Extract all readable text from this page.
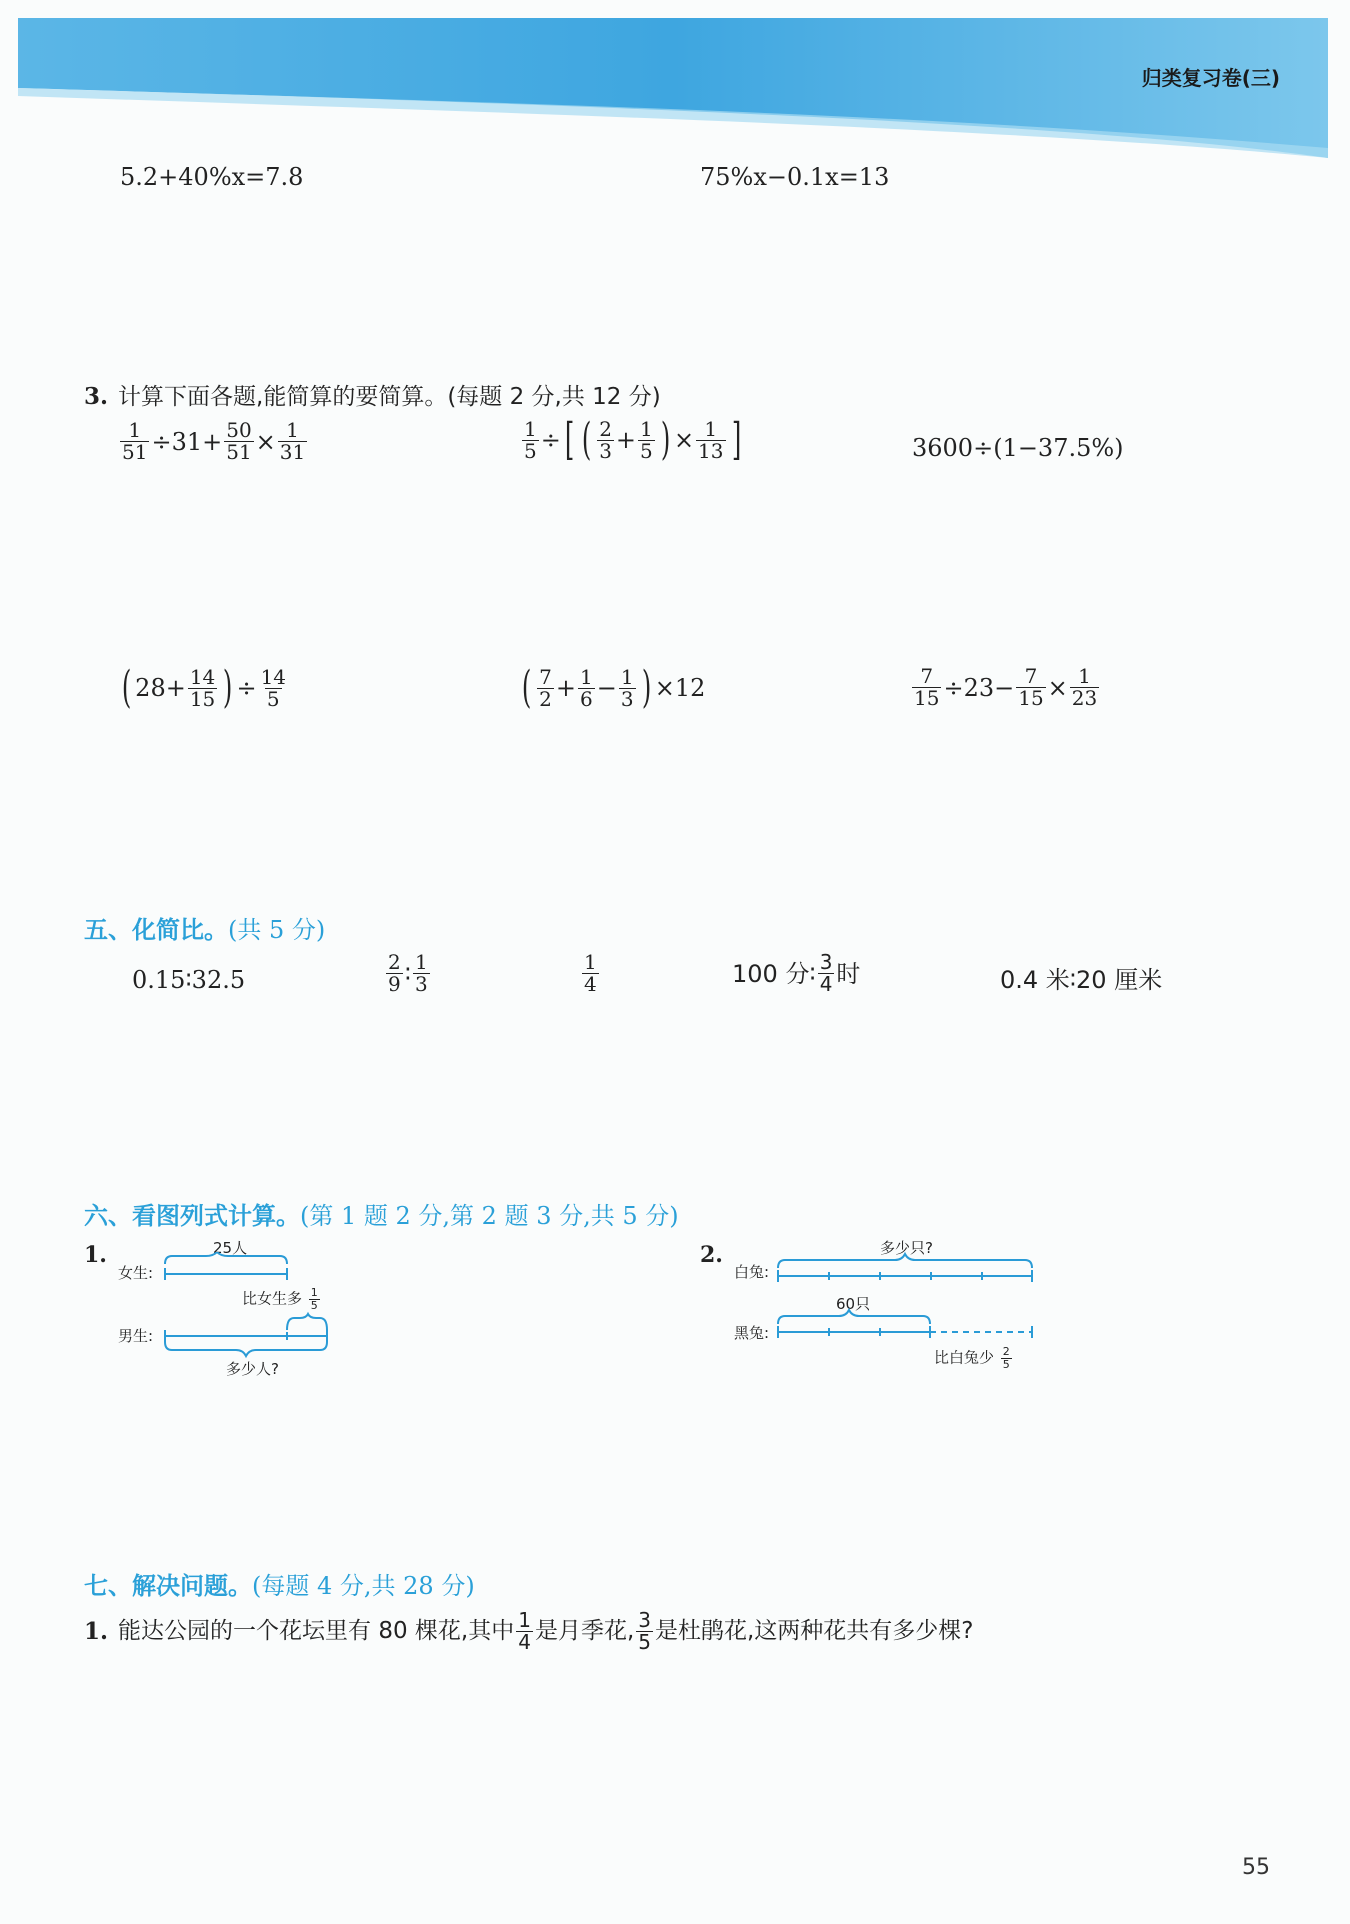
归类复习卷(三)
5.2+40%x=7.8	75%x−0.1x=13
3. 计算下面各题,能简算的要简算。(每题 2 分,共 12 分)
$\frac{1}{51} \div 31+ \frac{50}{51} \times \frac{1}{31}$	$\frac{1}{5}$ ÷ [ ( 2
$3 + \frac{1}{5}$ ) × $\frac{1}{13}$ ]	3600÷(1−37.5%)
( $28+ \frac{14}{15}$ ) ÷ $\frac{14}{5}$	( 7
$2 + \frac{1}{6} - \frac{1}{3}$ ) ×12	$\frac{7}{15} \div 23- \frac{7}{15} \times \frac{1}{23}$
五、化简比。(共 5 分)
0.15∶32.5
2
9 ∶ 1
3
1
4	100 分∶ 3
4 时	0.4 米∶20 厘米
六、看图列式计算。(第 1 题 2 分,第 2 题 3 分,共 5 分)
1.	25人
女生:
比女生多 $\frac{1}{5}$
男生:
多少人?
2.	多少只?
白兔:
60只
黑兔:
比白兔少 $\frac{2}{5}$
七、解决问题。(每题 4 分,共 28 分)
1. 能达公园的一个花坛里有 80 棵花,其中 1
4 是月季花, 3
5 是杜鹃花,这两种花共有多少棵?
55
